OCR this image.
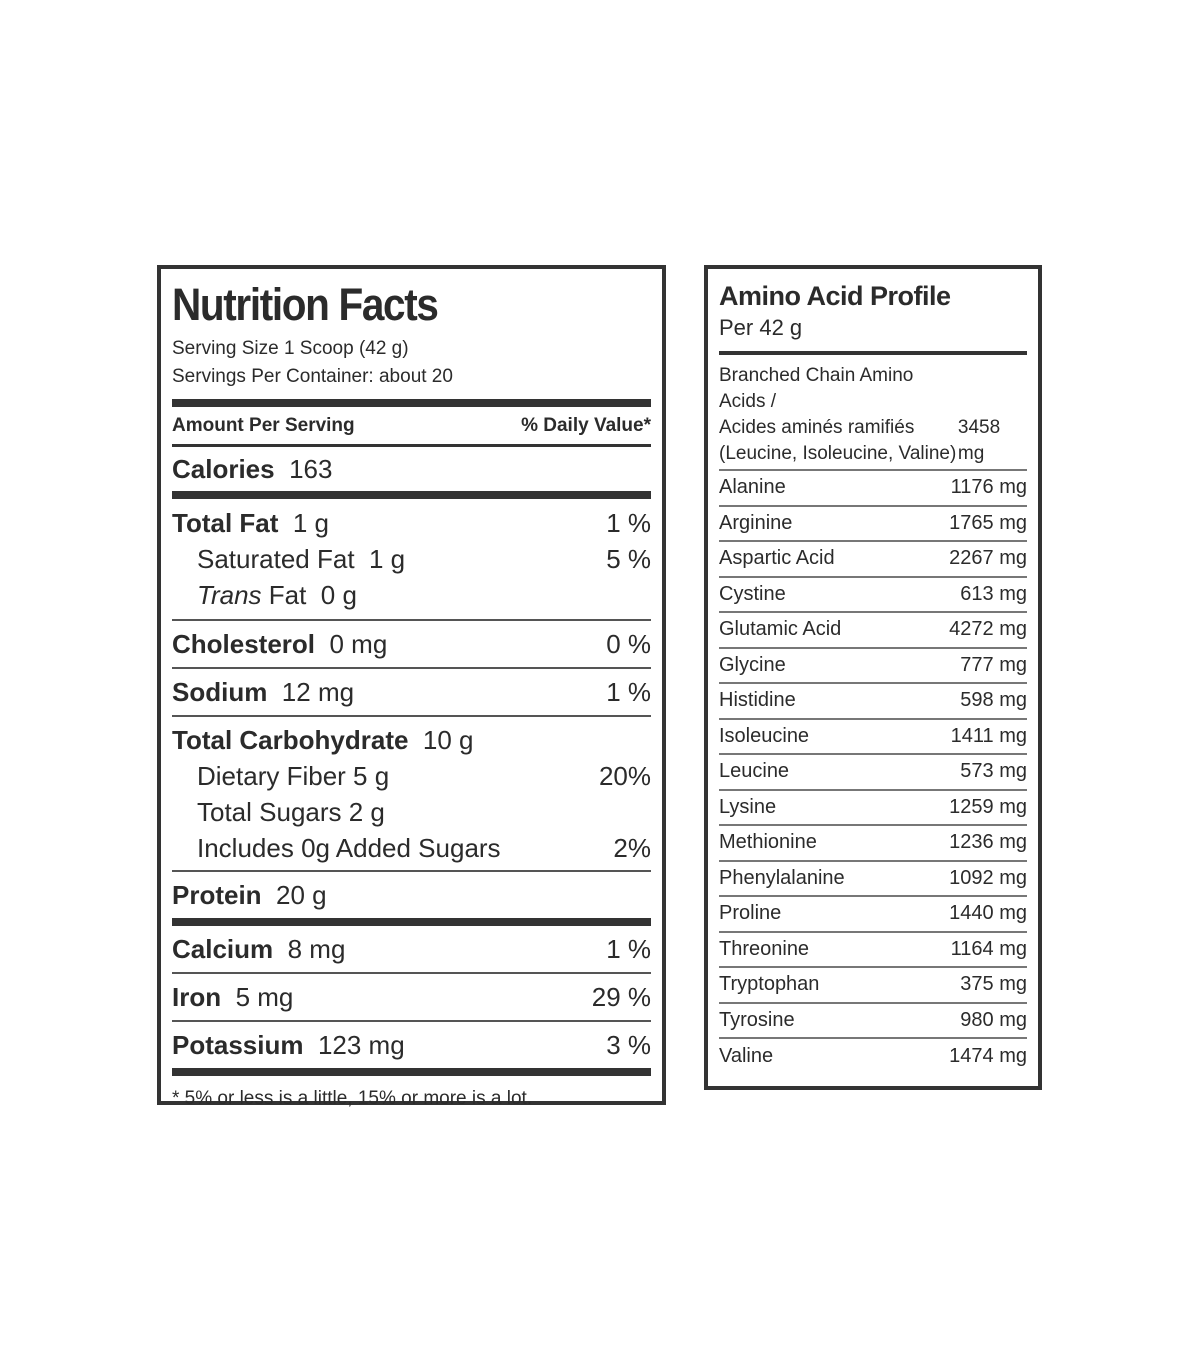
Nutrition Facts
Serving Size 1 Scoop (42 g)
Servings Per Container: about 20
Amount Per Serving	% Daily Value*
Calories 163
Total Fat 1 g	1 %
Saturated Fat 1 g	5 %
Trans Fat 0 g
Cholesterol 0 mg	0 %
Sodium 12 mg	1 %
Total Carbohydrate 10 g
Dietary Fiber 5 g	20%
Total Sugars 2 g
Includes 0g Added Sugars	2%
Protein 20 g
Calcium 8 mg	1 %
Iron 5 mg	29 %
Potassium 123 mg	3 %
* 5% or less is a little, 15% or more is a lot.
Amino Acid Profile
Per 42 g
Branched Chain Amino Acids /
Acides aminés ramifiés
(Leucine, Isoleucine, Valine)
3458 mg
Alanine	1176 mg
Arginine	1765 mg
Aspartic Acid	2267 mg
Cystine	613 mg
Glutamic Acid	4272 mg
Glycine	777 mg
Histidine	598 mg
Isoleucine	1411 mg
Leucine	573 mg
Lysine	1259 mg
Methionine	1236 mg
Phenylalanine	1092 mg
Proline	1440 mg
Threonine	1164 mg
Tryptophan	375 mg
Tyrosine	980 mg
Valine	1474 mg
